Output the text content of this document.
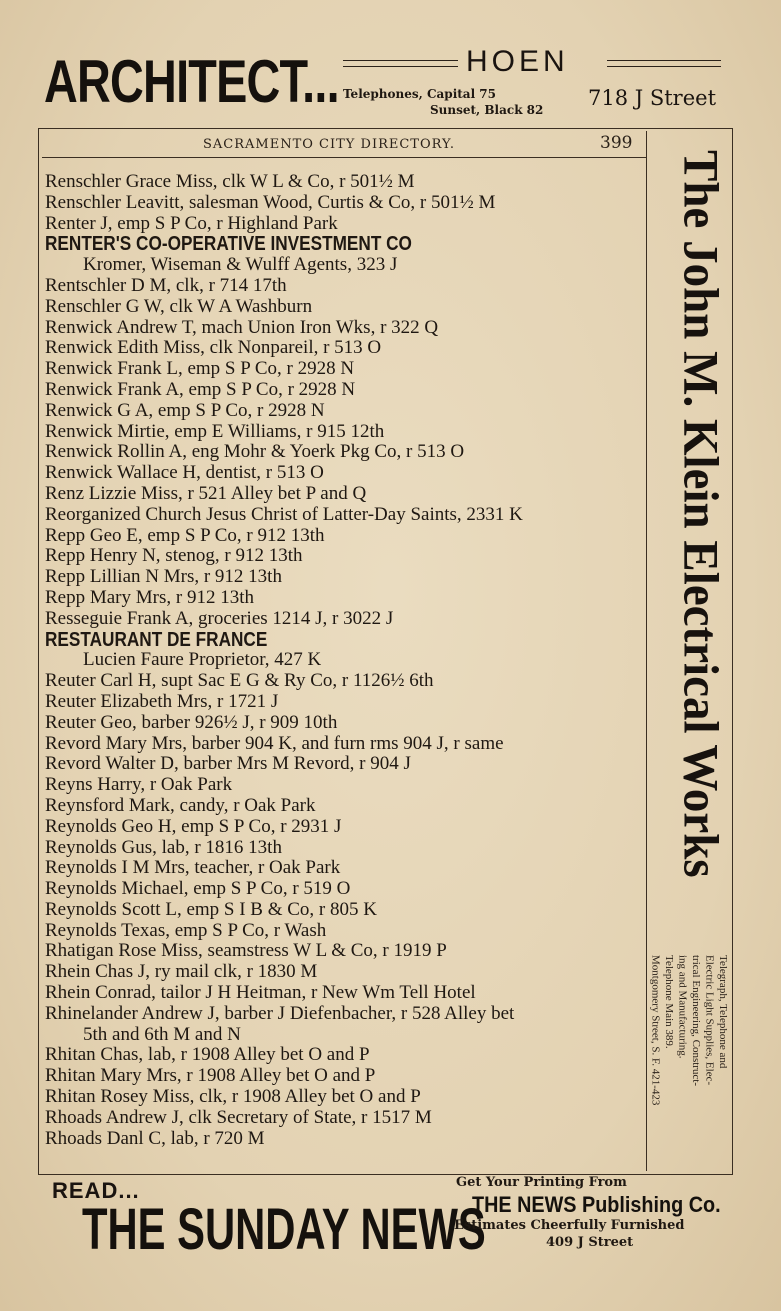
ARCHITECT...	HOEN
Telephones, Capital 75
Sunset, Black 82 718 J Street
SACRAMENTO CITY DIRECTORY.	399
Renschler Grace Miss, clk W L & Co, r 501½ M
Renschler Leavitt, salesman Wood, Curtis & Co, r 501½ M
Renter J, emp S P Co, r Highland Park
RENTER'S CO-OPERATIVE INVESTMENT CO
Kromer, Wiseman & Wulff Agents, 323 J
Rentschler D M, clk, r 714 17th
Renschler G W, clk W A Washburn
Renwick Andrew T, mach Union Iron Wks, r 322 Q
Renwick Edith Miss, clk Nonpareil, r 513 O
Renwick Frank L, emp S P Co, r 2928 N
Renwick Frank A, emp S P Co, r 2928 N
Renwick G A, emp S P Co, r 2928 N
Renwick Mirtie, emp E Williams, r 915 12th
Renwick Rollin A, eng Mohr & Yoerk Pkg Co, r 513 O
Renwick Wallace H, dentist, r 513 O
Renz Lizzie Miss, r 521 Alley bet P and Q
Reorganized Church Jesus Christ of Latter-Day Saints, 2331 K
Repp Geo E, emp S P Co, r 912 13th
Repp Henry N, stenog, r 912 13th
Repp Lillian N Mrs, r 912 13th
Repp Mary Mrs, r 912 13th
Resseguie Frank A, groceries 1214 J, r 3022 J
RESTAURANT DE FRANCE
Lucien Faure Proprietor, 427 K
Reuter Carl H, supt Sac E G & Ry Co, r 1126½ 6th
Reuter Elizabeth Mrs, r 1721 J
Reuter Geo, barber 926½ J, r 909 10th
Revord Mary Mrs, barber 904 K, and furn rms 904 J, r same
Revord Walter D, barber Mrs M Revord, r 904 J
Reyns Harry, r Oak Park
Reynsford Mark, candy, r Oak Park
Reynolds Geo H, emp S P Co, r 2931 J
Reynolds Gus, lab, r 1816 13th
Reynolds I M Mrs, teacher, r Oak Park
Reynolds Michael, emp S P Co, r 519 O
Reynolds Scott L, emp S I B & Co, r 805 K
Reynolds Texas, emp S P Co, r Wash
Rhatigan Rose Miss, seamstress W L & Co, r 1919 P
Rhein Chas J, ry mail clk, r 1830 M
Rhein Conrad, tailor J H Heitman, r New Wm Tell Hotel
Rhinelander Andrew J, barber J Diefenbacher, r 528 Alley bet
5th and 6th M and N
Rhitan Chas, lab, r 1908 Alley bet O and P
Rhitan Mary Mrs, r 1908 Alley bet O and P
Rhitan Rosey Miss, clk, r 1908 Alley bet O and P
Rhoads Andrew J, clk Secretary of State, r 1517 M
Rhoads Danl C, lab, r 720 M
The John M. Klein Electrical Works
Telegraph, Telephone and
Electric Light Supplies, Elec-
trical Engineering, Construct-
ing and Manufacturing.
Telephone Main 389.
Montgomery Street, S. F. 421-423
READ...
THE SUNDAY NEWS
Get Your Printing From
THE NEWS Publishing Co.
Estimates Cheerfully Furnished
409 J Street
